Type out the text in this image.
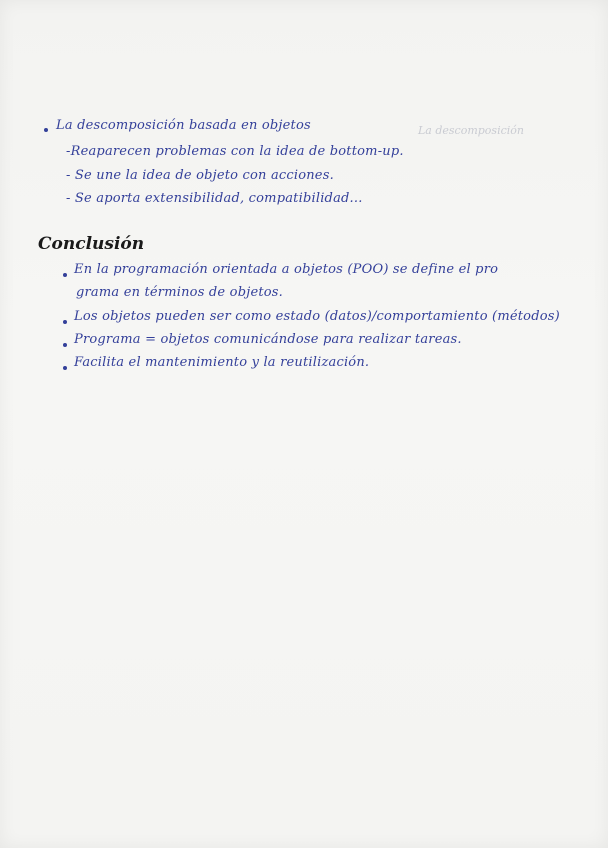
La descomposición
La descomposición basada en objetos
-Reaparecen problemas con la idea de bottom-up.
- Se une la idea de objeto con acciones.
- Se aporta extensibilidad, compatibilidad...
Conclusión
En la programación orientada a objetos (POO) se define el pro
grama en términos de objetos.
Los objetos pueden ser como estado (datos)/comportamiento (métodos)
Programa = objetos comunicándose para realizar tareas.
Facilita el mantenimiento y la reutilización.
